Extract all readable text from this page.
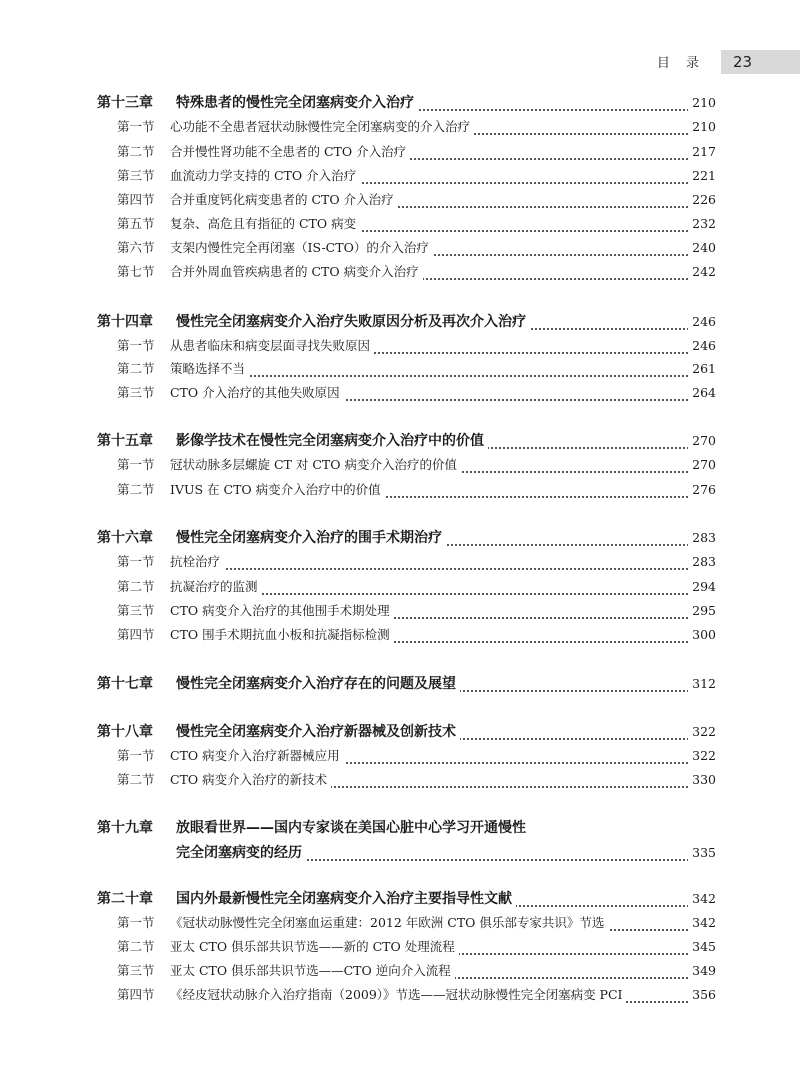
目 录 23
第十三章 特殊患者的慢性完全闭塞病变介入治疗	210
第一节 心功能不全患者冠状动脉慢性完全闭塞病变的介入治疗	210
第二节 合并慢性肾功能不全患者的 CTO 介入治疗	217
第三节 血流动力学支持的 CTO 介入治疗	221
第四节 合并重度钙化病变患者的 CTO 介入治疗	226
第五节 复杂、高危且有指征的 CTO 病变	232
第六节 支架内慢性完全再闭塞（IS-CTO）的介入治疗	240
第七节 合并外周血管疾病患者的 CTO 病变介入治疗	242
第十四章 慢性完全闭塞病变介入治疗失败原因分析及再次介入治疗	246
第一节 从患者临床和病变层面寻找失败原因	246
第二节 策略选择不当	261
第三节 CTO 介入治疗的其他失败原因	264
第十五章 影像学技术在慢性完全闭塞病变介入治疗中的价值	270
第一节 冠状动脉多层螺旋 CT 对 CTO 病变介入治疗的价值	270
第二节 IVUS 在 CTO 病变介入治疗中的价值	276
第十六章 慢性完全闭塞病变介入治疗的围手术期治疗	283
第一节 抗栓治疗	283
第二节 抗凝治疗的监测	294
第三节 CTO 病变介入治疗的其他围手术期处理	295
第四节 CTO 围手术期抗血小板和抗凝指标检测	300
第十七章 慢性完全闭塞病变介入治疗存在的问题及展望	312
第十八章 慢性完全闭塞病变介入治疗新器械及创新技术	322
第一节 CTO 病变介入治疗新器械应用	322
第二节 CTO 病变介入治疗的新技术	330
第十九章 放眼看世界——国内专家谈在美国心脏中心学习开通慢性
完全闭塞病变的经历	335
第二十章 国内外最新慢性完全闭塞病变介入治疗主要指导性文献	342
第一节 《冠状动脉慢性完全闭塞血运重建：2012 年欧洲 CTO 俱乐部专家共识》节选	342
第二节 亚太 CTO 俱乐部共识节选——新的 CTO 处理流程	345
第三节 亚太 CTO 俱乐部共识节选——CTO 逆向介入流程	349
第四节 《经皮冠状动脉介入治疗指南（2009）》节选——冠状动脉慢性完全闭塞病变 PCI	356
